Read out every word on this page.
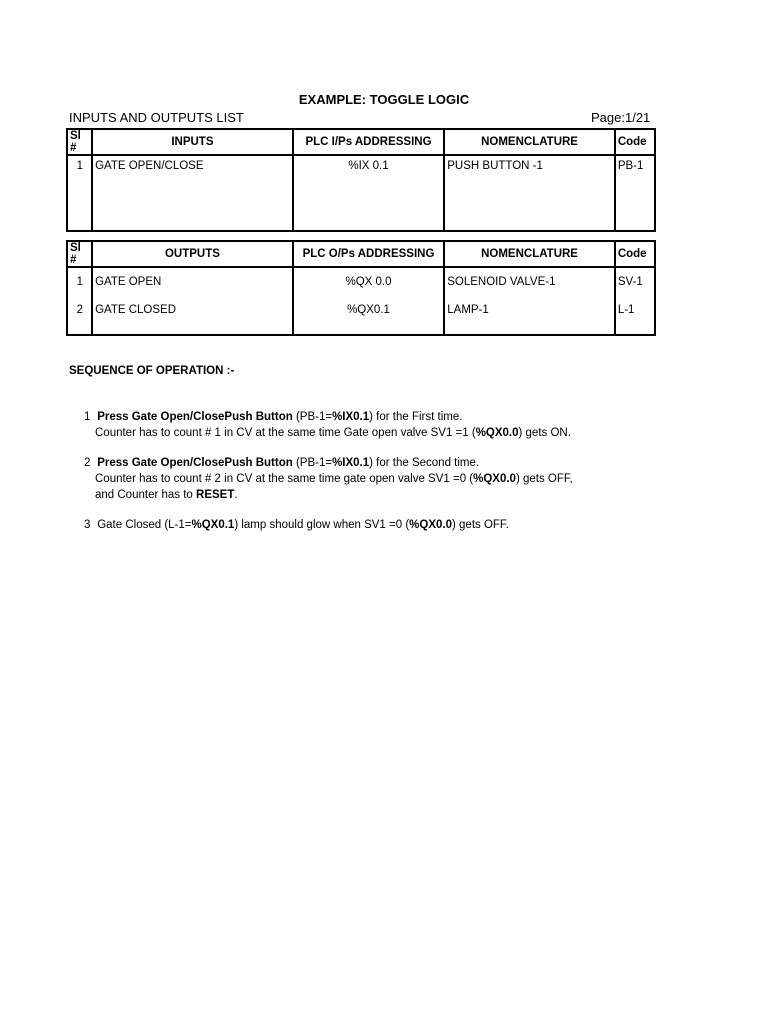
EXAMPLE: TOGGLE LOGIC
INPUTS AND OUTPUTS LIST	Page:1/21
Sl #	INPUTS	PLC I/Ps ADDRESSING	NOMENCLATURE	Code
1	GATE OPEN/CLOSE	%IX 0.1	PUSH BUTTON -1	PB-1

Sl #	OUTPUTS	PLC O/Ps ADDRESSING	NOMENCLATURE	Code
1	GATE OPEN	%QX 0.0	SOLENOID VALVE-1	SV-1
2	GATE CLOSED	%QX0.1	LAMP-1	L-1

SEQUENCE OF OPERATION :-
1 Press Gate Open/ClosePush Button (PB-1=%IX0.1) for the First time.
Counter has to count # 1 in CV at the same time Gate open valve SV1 =1 (%QX0.0) gets ON.
2 Press Gate Open/ClosePush Button (PB-1=%IX0.1) for the Second time.
Counter has to count # 2 in CV at the same time gate open valve SV1 =0 (%QX0.0) gets OFF,
and Counter has to RESET.
3 Gate Closed (L-1=%QX0.1) lamp should glow when SV1 =0 (%QX0.0) gets OFF.
